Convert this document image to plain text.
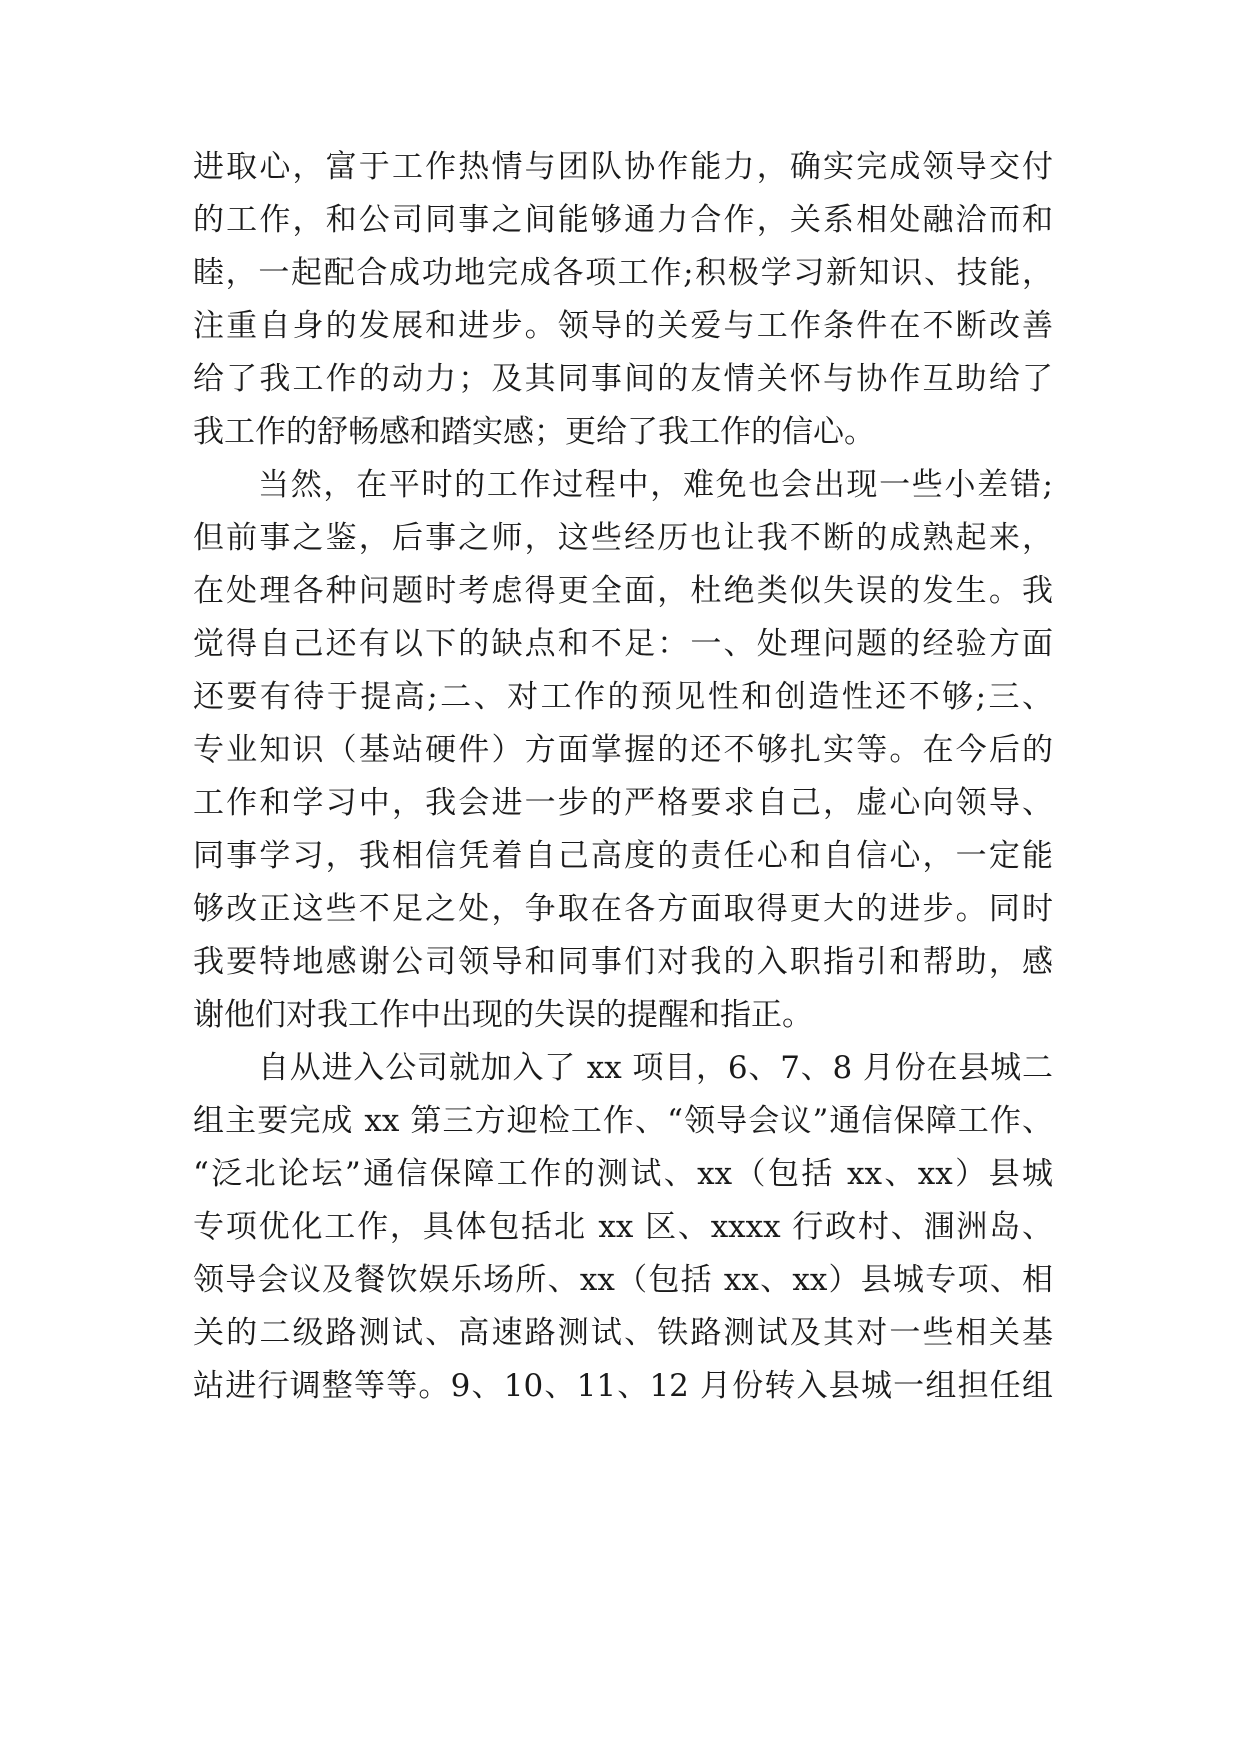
进取心，富于工作热情与团队协作能力，确实完成领导交付
的工作，和公司同事之间能够通力合作，关系相处融洽而和
睦，一起配合成功地完成各项工作;积极学习新知识、技能，
注重自身的发展和进步。领导的关爱与工作条件在不断改善
给了我工作的动力；及其同事间的友情关怀与协作互助给了
我工作的舒畅感和踏实感；更给了我工作的信心。
当然，在平时的工作过程中，难免也会出现一些小差错;
但前事之鉴，后事之师，这些经历也让我不断的成熟起来，
在处理各种问题时考虑得更全面，杜绝类似失误的发生。我
觉得自己还有以下的缺点和不足：一、处理问题的经验方面
还要有待于提高;二、对工作的预见性和创造性还不够;三、
专业知识（基站硬件）方面掌握的还不够扎实等。在今后的
工作和学习中，我会进一步的严格要求自己，虚心向领导、
同事学习，我相信凭着自己高度的责任心和自信心，一定能
够改正这些不足之处，争取在各方面取得更大的进步。同时
我要特地感谢公司领导和同事们对我的入职指引和帮助，感
谢他们对我工作中出现的失误的提醒和指正。
自从进入公司就加入了 xx 项目，6、7、8 月份在县城二
组主要完成 xx 第三方迎检工作、“领导会议”通信保障工作、
“泛北论坛”通信保障工作的测试、xx（包括 xx、xx）县城
专项优化工作，具体包括北 xx 区、xxxx 行政村、涠洲岛、
领导会议及餐饮娱乐场所、xx（包括 xx、xx）县城专项、相
关的二级路测试、高速路测试、铁路测试及其对一些相关基
站进行调整等等。9、10、11、12 月份转入县城一组担任组
